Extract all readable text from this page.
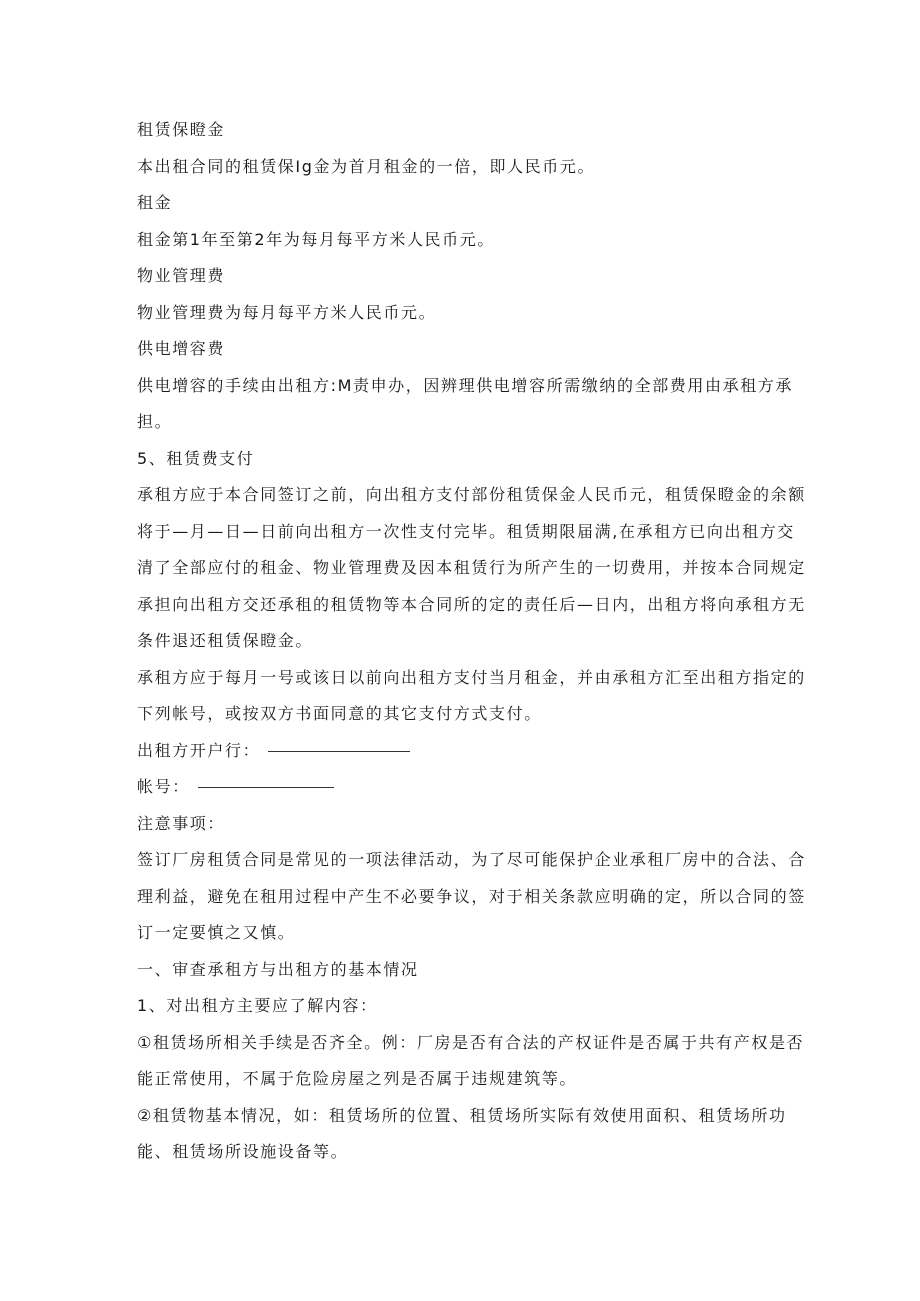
租赁保瞪金
本出租合同的租赁保Ig金为首月租金的一倍，即人民币元。
租金
租金第1年至第2年为每月每平方米人民币元。
物业管理费
物业管理费为每月每平方米人民币元。
供电增容费
供电增容的手续由出租方:M责申办，因辨理供电增容所需缴纳的全部费用由承租方承
担。
5、租赁费支付
承租方应于本合同签订之前，向出租方支付部份租赁保金人民币元，租赁保瞪金的余额
将于—月—日—日前向出租方一次性支付完毕。租赁期限届满,在承租方已向出租方交
清了全部应付的租金、物业管理费及因本租赁行为所产生的一切费用，并按本合同规定
承担向出租方交还承租的租赁物等本合同所的定的责任后—日内，出租方将向承租方无
条件退还租赁保瞪金。
承租方应于每月一号或该日以前向出租方支付当月租金，并由承租方汇至出租方指定的
下列帐号，或按双方书面同意的其它支付方式支付。
出租方开户行：
帐号：
注意事项：
签订厂房租赁合同是常见的一项法律活动，为了尽可能保护企业承租厂房中的合法、合
理利益，避免在租用过程中产生不必要争议，对于相关条款应明确的定，所以合同的签
订一定要慎之又慎。
一、审查承租方与出租方的基本情况
1、对出租方主要应了解内容：
①租赁场所相关手续是否齐全。例：厂房是否有合法的产权证件是否属于共有产权是否
能正常使用，不属于危险房屋之列是否属于违规建筑等。
②租赁物基本情况，如：租赁场所的位置、租赁场所实际有效使用面积、租赁场所功
能、租赁场所设施设备等。
